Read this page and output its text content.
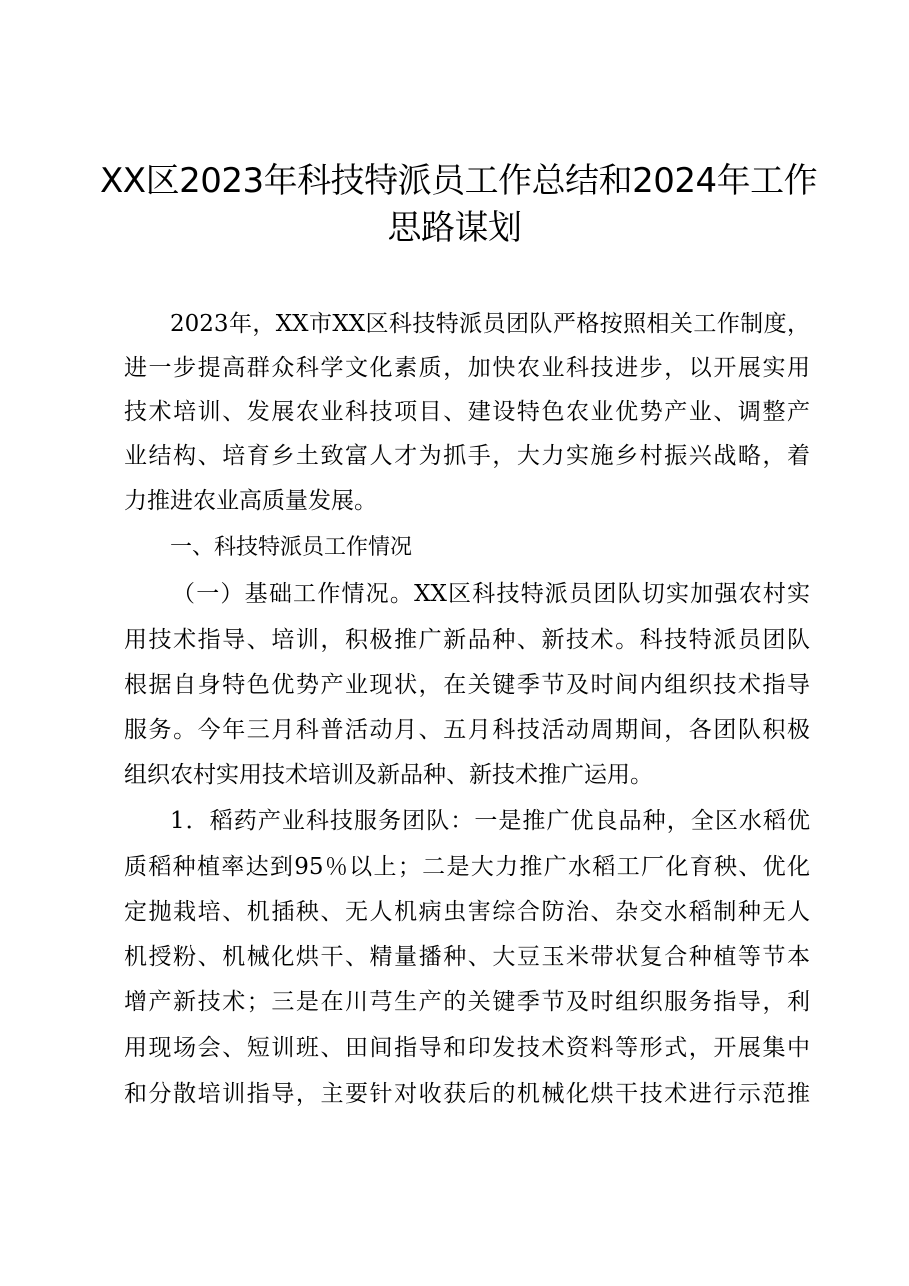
XX区2023年科技特派员工作总结和2024年工作
思路谋划
2023年，XX市XX区科技特派员团队严格按照相关工作制度，
进一步提高群众科学文化素质，加快农业科技进步，以开展实用
技术培训、发展农业科技项目、建设特色农业优势产业、调整产
业结构、培育乡土致富人才为抓手，大力实施乡村振兴战略，着
力推进农业高质量发展。
一、科技特派员工作情况
（一）基础工作情况。XX区科技特派员团队切实加强农村实
用技术指导、培训，积极推广新品种、新技术。科技特派员团队
根据自身特色优势产业现状，在关键季节及时间内组织技术指导
服务。今年三月科普活动月、五月科技活动周期间，各团队积极
组织农村实用技术培训及新品种、新技术推广运用。
1．稻药产业科技服务团队：一是推广优良品种，全区水稻优
质稻种植率达到95％以上；二是大力推广水稻工厂化育秧、优化
定抛栽培、机插秧、无人机病虫害综合防治、杂交水稻制种无人
机授粉、机械化烘干、精量播种、大豆玉米带状复合种植等节本
增产新技术；三是在川芎生产的关键季节及时组织服务指导，利
用现场会、短训班、田间指导和印发技术资料等形式，开展集中
和分散培训指导，主要针对收获后的机械化烘干技术进行示范推
